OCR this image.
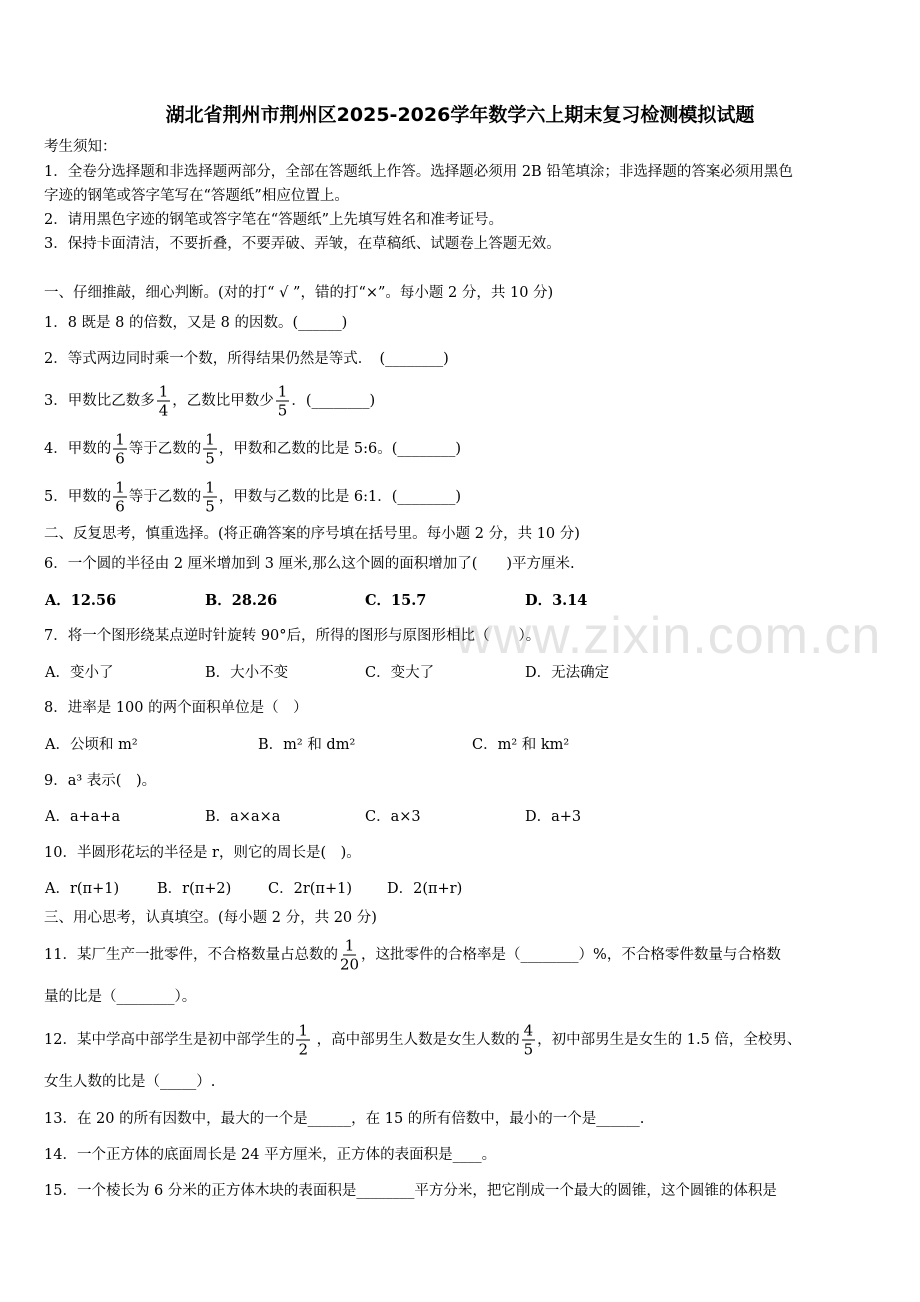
www.zixin.com.cn
湖北省荆州市荆州区2025-2026学年数学六上期末复习检测模拟试题
考生须知：
1．全卷分选择题和非选择题两部分，全部在答题纸上作答。选择题必须用 2B 铅笔填涂；非选择题的答案必须用黑色
字迹的钢笔或答字笔写在“答题纸”相应位置上。
2．请用黑色字迹的钢笔或答字笔在“答题纸”上先填写姓名和准考证号。
3．保持卡面清洁，不要折叠，不要弄破、弄皱，在草稿纸、试题卷上答题无效。
一、仔细推敲，细心判断。(对的打“ √ ”，错的打“×”。每小题 2 分，共 10 分)
1．8 既是 8 的倍数，又是 8 的因数。(______)
2．等式两边同时乘一个数，所得结果仍然是等式．　(________)
3．甲数比乙数多 $\frac{1}{4}$ ，乙数比甲数少 $\frac{1}{5}$ ．(________)
4．甲数的 $\frac{1}{6}$ 等于乙数的 $\frac{1}{5}$ ，甲数和乙数的比是 5:6。(________)
5．甲数的 $\frac{1}{6}$ 等于乙数的 $\frac{1}{5}$ ，甲数与乙数的比是 6:1．(________)
二、反复思考，慎重选择。(将正确答案的序号填在括号里。每小题 2 分，共 10 分)
6．一个圆的半径由 2 厘米增加到 3 厘米,那么这个圆的面积增加了(　　)平方厘米.
A．12.56	B．28.26	C．15.7	D．3.14
7．将一个图形绕某点逆时针旋转 90°后，所得的图形与原图形相比（　　）。
A．变小了	B．大小不变	C．变大了	D．无法确定
8．进率是 100 的两个面积单位是（　）
A．公顷和 m²	B．m² 和 dm²	C．m² 和 km²
9．a³ 表示(　)。
A．a+a+a	B．a×a×a	C．a×3	D．a+3
10．半圆形花坛的半径是 r，则它的周长是(　)。
A．r(π+1)	B．r(π+2)	C．2r(π+1) D．2(π+r)
三、用心思考，认真填空。(每小题 2 分，共 20 分)
11．某厂生产一批零件，不合格数量占总数的 $\frac{1}{20}$ ，这批零件的合格率是（________）%，不合格零件数量与合格数
量的比是（________）。
12．某中学高中部学生是初中部学生的 $\frac{1}{2}$ ，高中部男生人数是女生人数的 $\frac{4}{5}$ ，初中部男生是女生的 1.5 倍，全校男、
女生人数的比是（_____）.
13．在 20 的所有因数中，最大的一个是______，在 15 的所有倍数中，最小的一个是______.
14．一个正方体的底面周长是 24 平方厘米，正方体的表面积是____。
15．一个棱长为 6 分米的正方体木块的表面积是________平方分米，把它削成一个最大的圆锥，这个圆锥的体积是
